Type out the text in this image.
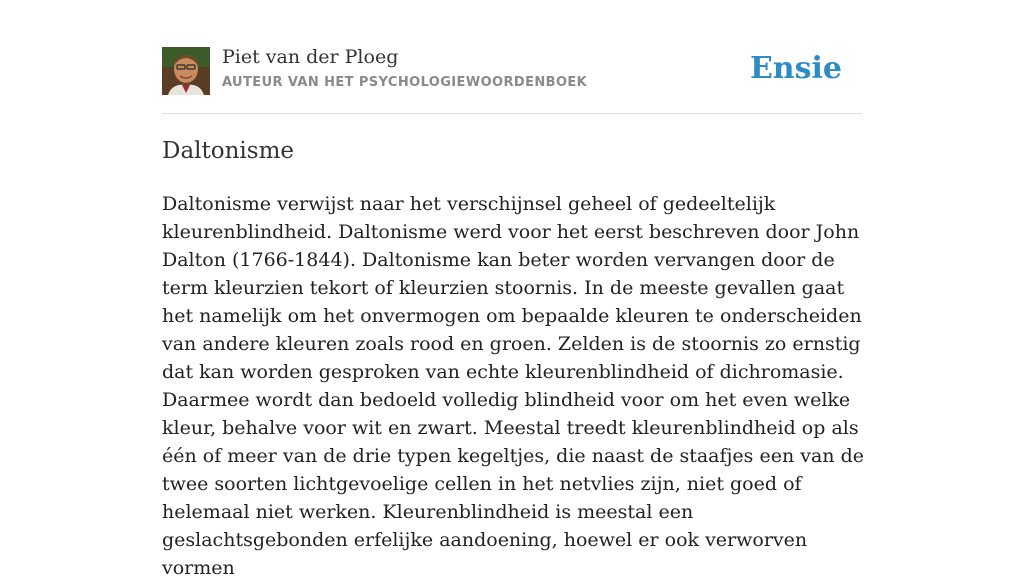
Piet van der Ploeg
AUTEUR VAN HET PSYCHOLOGIEWOORDENBOEK	Ensie
Daltonisme

Daltonisme verwijst naar het verschijnsel geheel of gedeeltelijk kleurenblindheid. Daltonisme werd voor het eerst beschreven door John Dalton (1766-1844). Daltonisme kan beter worden vervangen door de term kleurzien tekort of kleurzien stoornis. In de meeste gevallen gaat het namelijk om het onvermogen om bepaalde kleuren te onderscheiden van andere kleuren zoals rood en groen. Zelden is de stoornis zo ernstig dat kan worden gesproken van echte kleurenblindheid of dichromasie. Daarmee wordt dan bedoeld volledig blindheid voor om het even welke kleur, behalve voor wit en zwart. Meestal treedt kleurenblindheid op als één of meer van de drie typen kegeltjes, die naast de staafjes een van de twee soorten lichtgevoelige cellen in het netvlies zijn, niet goed of helemaal niet werken. Kleurenblindheid is meestal een geslachtsgebonden erfelijke aandoening, hoewel er ook verworven vormen
